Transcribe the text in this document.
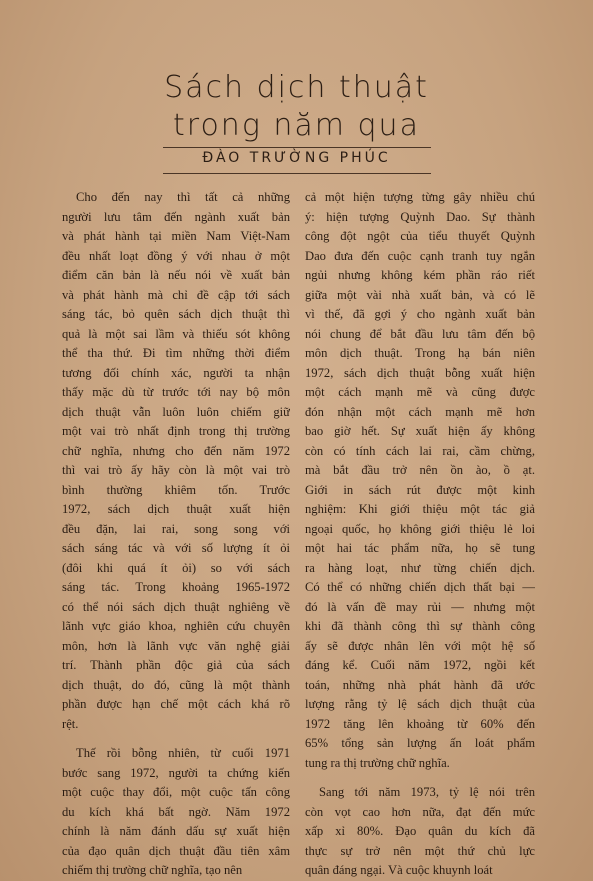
Sách dịch thuật
trong năm qua
ĐÀO TRƯỜNG PHÚC
Cho đến nay thì tất cả những
người lưu tâm đến ngành xuất bản
và phát hành tại miền Nam Việt-Nam
đều nhất loạt đồng ý với nhau ở một
điểm căn bản là nếu nói về xuất bản
và phát hành mà chỉ đề cập tới sách
sáng tác, bỏ quên sách dịch thuật thì
quả là một sai lầm và thiếu sót không
thể tha thứ. Đi tìm những thời điểm
tương đối chính xác, người ta nhận
thấy mặc dù từ trước tới nay bộ môn
dịch thuật vẫn luôn luôn chiếm giữ
một vai trò nhất định trong thị trường
chữ nghĩa, nhưng cho đến năm 1972
thì vai trò ấy hãy còn là một vai trò
bình thường khiêm tốn. Trước
1972, sách dịch thuật xuất hiện
đều đặn, lai rai, song song với
sách sáng tác và với số lượng ít ỏi
(đôi khi quá ít ỏi) so với sách
sáng tác. Trong khoảng 1965-1972
có thể nói sách dịch thuật nghiêng về
lãnh vực giáo khoa, nghiên cứu chuyên
môn, hơn là lãnh vực văn nghệ giải
trí. Thành phần độc giả của sách
dịch thuật, do đó, cũng là một thành
phần được hạn chế một cách khá rõ
rệt.
Thế rồi bỗng nhiên, từ cuối 1971
bước sang 1972, người ta chứng kiến
một cuộc thay đổi, một cuộc tấn công
du kích khá bất ngờ. Năm 1972
chính là năm đánh dấu sự xuất hiện
của đạo quân dịch thuật đầu tiên xâm
chiếm thị trường chữ nghĩa, tạo nên
cả một hiện tượng từng gây nhiều chú
ý: hiện tượng Quỳnh Dao. Sự thành
công đột ngột của tiểu thuyết Quỳnh
Dao đưa đến cuộc cạnh tranh tuy ngắn
ngủi nhưng không kém phần ráo riết
giữa một vài nhà xuất bản, và có lẽ
vì thế, đã gợi ý cho ngành xuất bản
nói chung để bắt đầu lưu tâm đến bộ
môn dịch thuật. Trong hạ bán niên
1972, sách dịch thuật bỗng xuất hiện
một cách mạnh mẽ và cũng được
đón nhận một cách mạnh mẽ hơn
bao giờ hết. Sự xuất hiện ấy không
còn có tính cách lai rai, cầm chừng,
mà bắt đầu trở nên ồn ào, ồ ạt.
Giới in sách rút được một kinh
nghiệm: Khi giới thiệu một tác giả
ngoại quốc, họ không giới thiệu lẻ loi
một hai tác phẩm nữa, họ sẽ tung
ra hàng loạt, như từng chiến dịch.
Có thể có những chiến dịch thất bại —
đó là vấn đề may rủi — nhưng một
khi đã thành công thì sự thành công
ấy sẽ được nhân lên với một hệ số
đáng kể. Cuối năm 1972, ngồi kết
toán, những nhà phát hành đã ước
lượng rằng tỷ lệ sách dịch thuật của
1972 tăng lên khoảng từ 60% đến
65% tổng sản lượng ấn loát phẩm
tung ra thị trường chữ nghĩa.
Sang tới năm 1973, tỷ lệ nói trên
còn vọt cao hơn nữa, đạt đến mức
xấp xỉ 80%. Đạo quân du kích đã
thực sự trở nên một thứ chủ lực
quân đáng ngại. Và cuộc khuynh loát
